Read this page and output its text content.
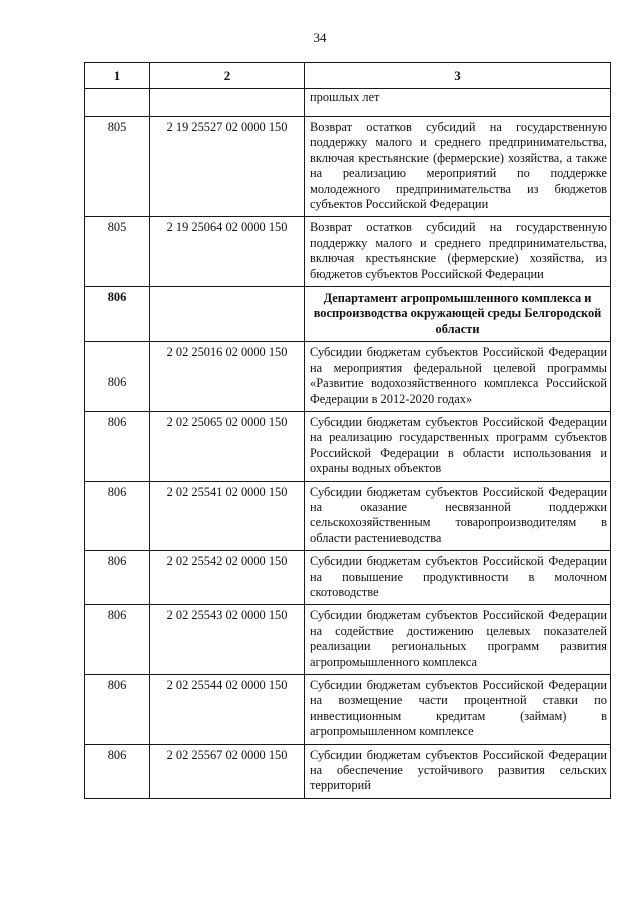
34
1	2	3
		прошлых лет
805	2 19 25527 02 0000 150	Возврат остатков субсидий на государственную поддержку малого и среднего предпринимательства, включая крестьянские (фермерские) хозяйства, а также на реализацию мероприятий по поддержке молодежного предпринимательства из бюджетов субъектов Российской Федерации
805	2 19 25064 02 0000 150	Возврат остатков субсидий на государственную поддержку малого и среднего предпринимательства, включая крестьянские (фермерские) хозяйства, из бюджетов субъектов Российской Федерации
806		Департамент агропромышленного комплекса и воспроизводства окружающей среды Белгородской области

806	2 02 25016 02 0000 150	Субсидии бюджетам субъектов Российской Федерации на мероприятия федеральной целевой программы «Развитие водохозяйственного комплекса Российской Федерации в 2012-2020 годах»
806	2 02 25065 02 0000 150	Субсидии бюджетам субъектов Российской Федерации на реализацию государственных программ субъектов Российской Федерации в области использования и охраны водных объектов
806	2 02 25541 02 0000 150	Субсидии бюджетам субъектов Российской Федерации на оказание несвязанной поддержки сельскохозяйственным товаропроизводителям в области растениеводства
806	2 02 25542 02 0000 150	Субсидии бюджетам субъектов Российской Федерации на повышение продуктивности в молочном скотоводстве
806	2 02 25543 02 0000 150	Субсидии бюджетам субъектов Российской Федерации на содействие достижению целевых показателей реализации региональных программ развития агропромышленного комплекса
806	2 02 25544 02 0000 150	Субсидии бюджетам субъектов Российской Федерации на возмещение части процентной ставки по инвестиционным кредитам (займам) в агропромышленном комплексе
806	2 02 25567 02 0000 150	Субсидии бюджетам субъектов Российской Федерации на обеспечение устойчивого развития сельских территорий
